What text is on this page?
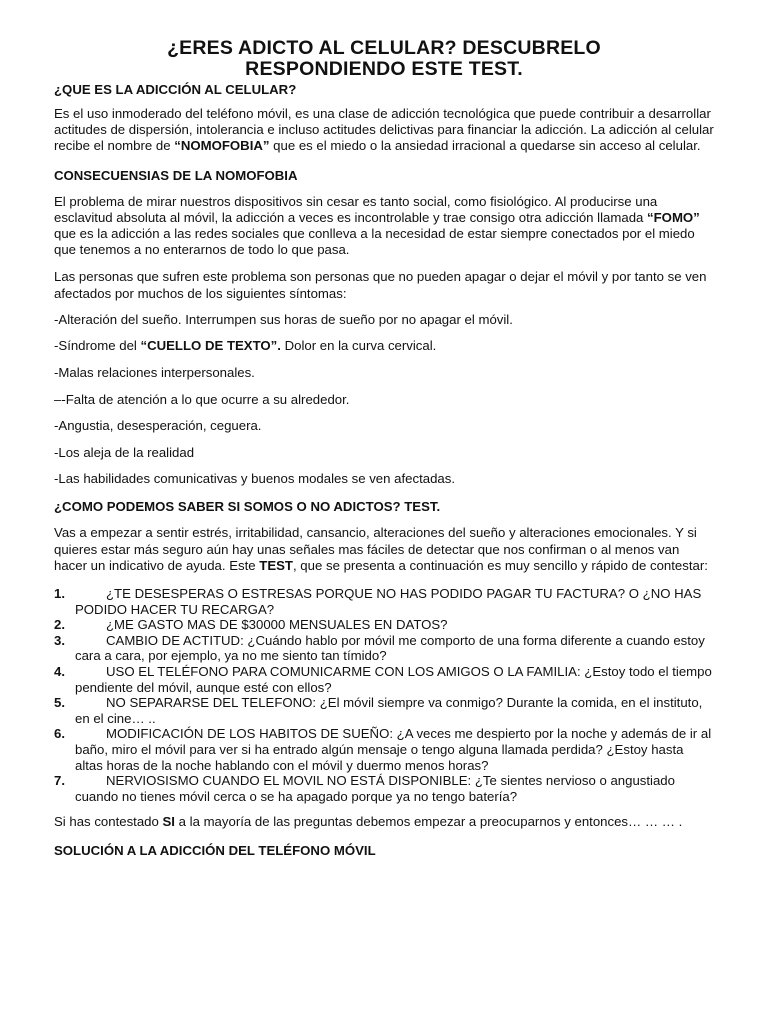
¿ERES ADICTO AL CELULAR? DESCUBRELO
RESPONDIENDO ESTE TEST.
¿QUE ES LA ADICCIÓN AL CELULAR?

Es el uso inmoderado del teléfono móvil, es una clase de adicción tecnológica que puede contribuir a desarrollar actitudes de dispersión, intolerancia e incluso actitudes delictivas para financiar la adicción. La adicción al celular recibe el nombre de “NOMOFOBIA” que es el miedo o la ansiedad irracional a quedarse sin acceso al celular.

CONSECUENSIAS DE LA NOMOFOBIA

El problema de mirar nuestros dispositivos sin cesar es tanto social, como fisiológico. Al producirse una esclavitud absoluta al móvil, la adicción a veces es incontrolable y trae consigo otra adicción llamada “FOMO” que es la adicción a las redes sociales que conlleva a la necesidad de estar siempre conectados por el miedo que tenemos a no enterarnos de todo lo que pasa.

Las personas que sufren este problema son personas que no pueden apagar o dejar el móvil y por tanto se ven afectados por muchos de los siguientes síntomas:

-Alteración del sueño. Interrumpen sus horas de sueño por no apagar el móvil.
-Síndrome del “CUELLO DE TEXTO”. Dolor en la curva cervical.
-Malas relaciones interpersonales.
–-Falta de atención a lo que ocurre a su alrededor.
-Angustia, desesperación, ceguera.
-Los aleja de la realidad
-Las habilidades comunicativas y buenos modales se ven afectadas.
¿COMO PODEMOS SABER SI SOMOS O NO ADICTOS? TEST.

Vas a empezar a sentir estrés, irritabilidad, cansancio, alteraciones del sueño y alteraciones emocionales. Y si quieres estar más seguro aún hay unas señales mas fáciles de detectar que nos confirman o al menos van hacer un indicativo de ayuda. Este TEST, que se presenta a continuación es muy sencillo y rápido de contestar:

1.	¿TE DESESPERAS O ESTRESAS PORQUE NO HAS PODIDO PAGAR TU FACTURA? O ¿NO HAS PODIDO HACER TU RECARGA?
2.	¿ME GASTO MAS DE $30000 MENSUALES EN DATOS?
3.	CAMBIO DE ACTITUD: ¿Cuándo hablo por móvil me comporto de una forma diferente a cuando estoy cara a cara, por ejemplo, ya no me siento tan tímido?
4.	USO EL TELÉFONO PARA COMUNICARME CON LOS AMIGOS O LA FAMILIA: ¿Estoy todo el tiempo pendiente del móvil, aunque esté con ellos?
5.	NO SEPARARSE DEL TELEFONO: ¿El móvil siempre va conmigo? Durante la comida, en el instituto, en el cine… ..
6.	MODIFICACIÓN DE LOS HABITOS DE SUEÑO: ¿A veces me despierto por la noche y además de ir al baño, miro el móvil para ver si ha entrado algún mensaje o tengo alguna llamada perdida? ¿Estoy hasta altas horas de la noche hablando con el móvil y duermo menos horas?
7.	NERVIOSISMO CUANDO EL MOVIL NO ESTÁ DISPONIBLE: ¿Te sientes nervioso o angustiado cuando no tienes móvil cerca o se ha apagado porque ya no tengo batería?

Si has contestado SI a la mayoría de las preguntas debemos empezar a preocuparnos y entonces… … … .

SOLUCIÓN A LA ADICCIÓN DEL TELÉFONO MÓVIL
